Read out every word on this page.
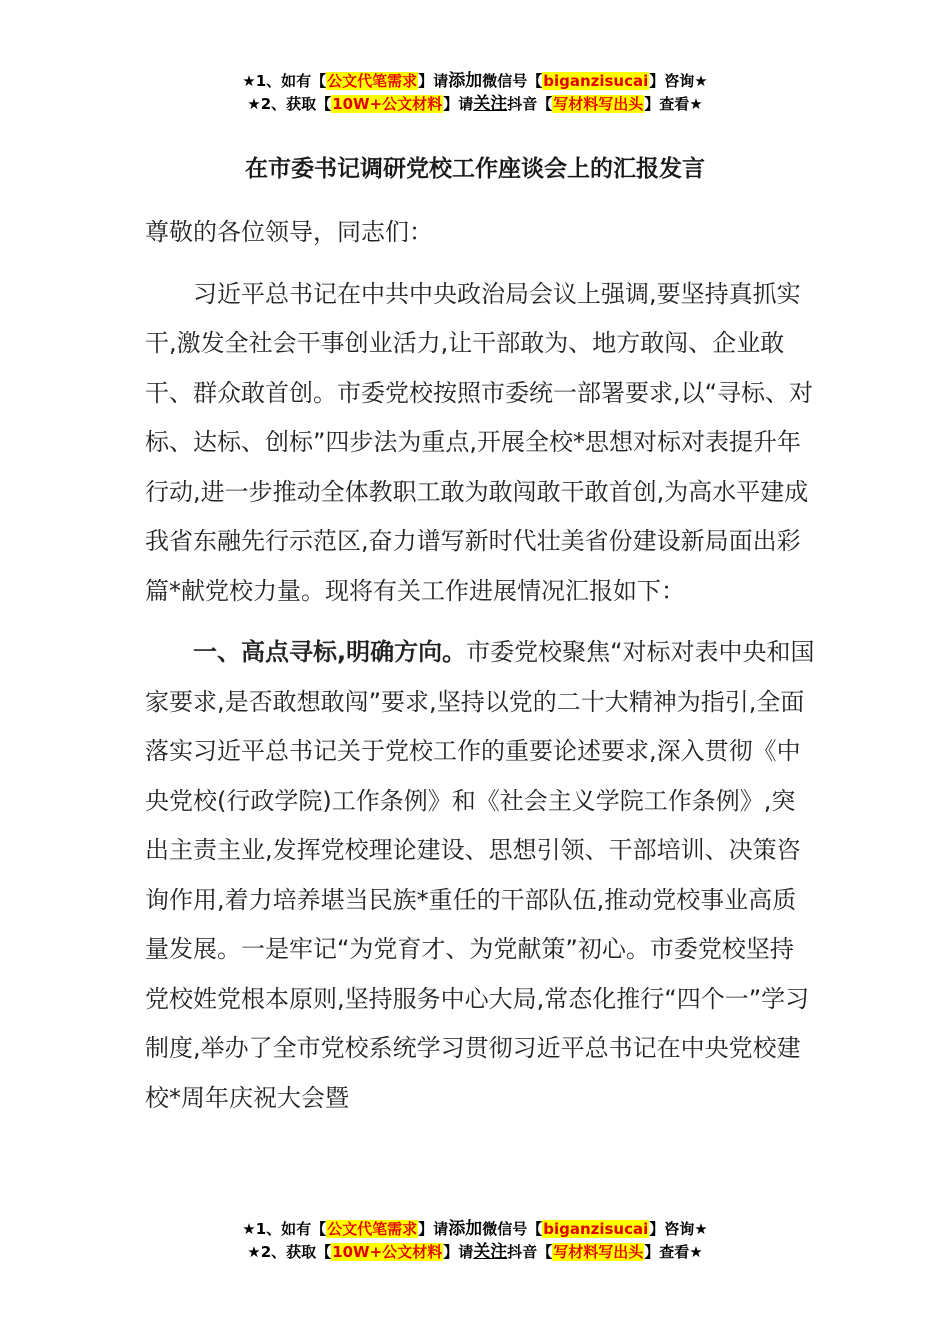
★1、如有【公文代笔需求】请添加微信号【biganzisucai】咨询★
★2、获取【10W+公文材料】请关注抖音【写材料写出头】查看★
在市委书记调研党校工作座谈会上的汇报发言

尊敬的各位领导，同志们：

习近平总书记在中共中央政治局会议上强调,要坚持真抓实干,激发全社会干事创业活力,让干部敢为、地方敢闯、企业敢干、群众敢首创。市委党校按照市委统一部署要求,以“寻标、对标、达标、创标”四步法为重点,开展全校*思想对标对表提升年行动,进一步推动全体教职工敢为敢闯敢干敢首创,为高水平建成我省东融先行示范区,奋力谱写新时代壮美省份建设新局面出彩篇*献党校力量。现将有关工作进展情况汇报如下：

一、高点寻标,明确方向。市委党校聚焦“对标对表中央和国家要求,是否敢想敢闯”要求,坚持以党的二十大精神为指引,全面落实习近平总书记关于党校工作的重要论述要求,深入贯彻《中央党校(行政学院)工作条例》和《社会主义学院工作条例》,突出主责主业,发挥党校理论建设、思想引领、干部培训、决策咨询作用,着力培养堪当民族*重任的干部队伍,推动党校事业高质量发展。一是牢记“为党育才、为党献策”初心。市委党校坚持党校姓党根本原则,坚持服务中心大局,常态化推行“四个一”学习制度,举办了全市党校系统学习贯彻习近平总书记在中央党校建校*周年庆祝大会暨

★1、如有【公文代笔需求】请添加微信号【biganzisucai】咨询★
★2、获取【10W+公文材料】请关注抖音【写材料写出头】查看★
